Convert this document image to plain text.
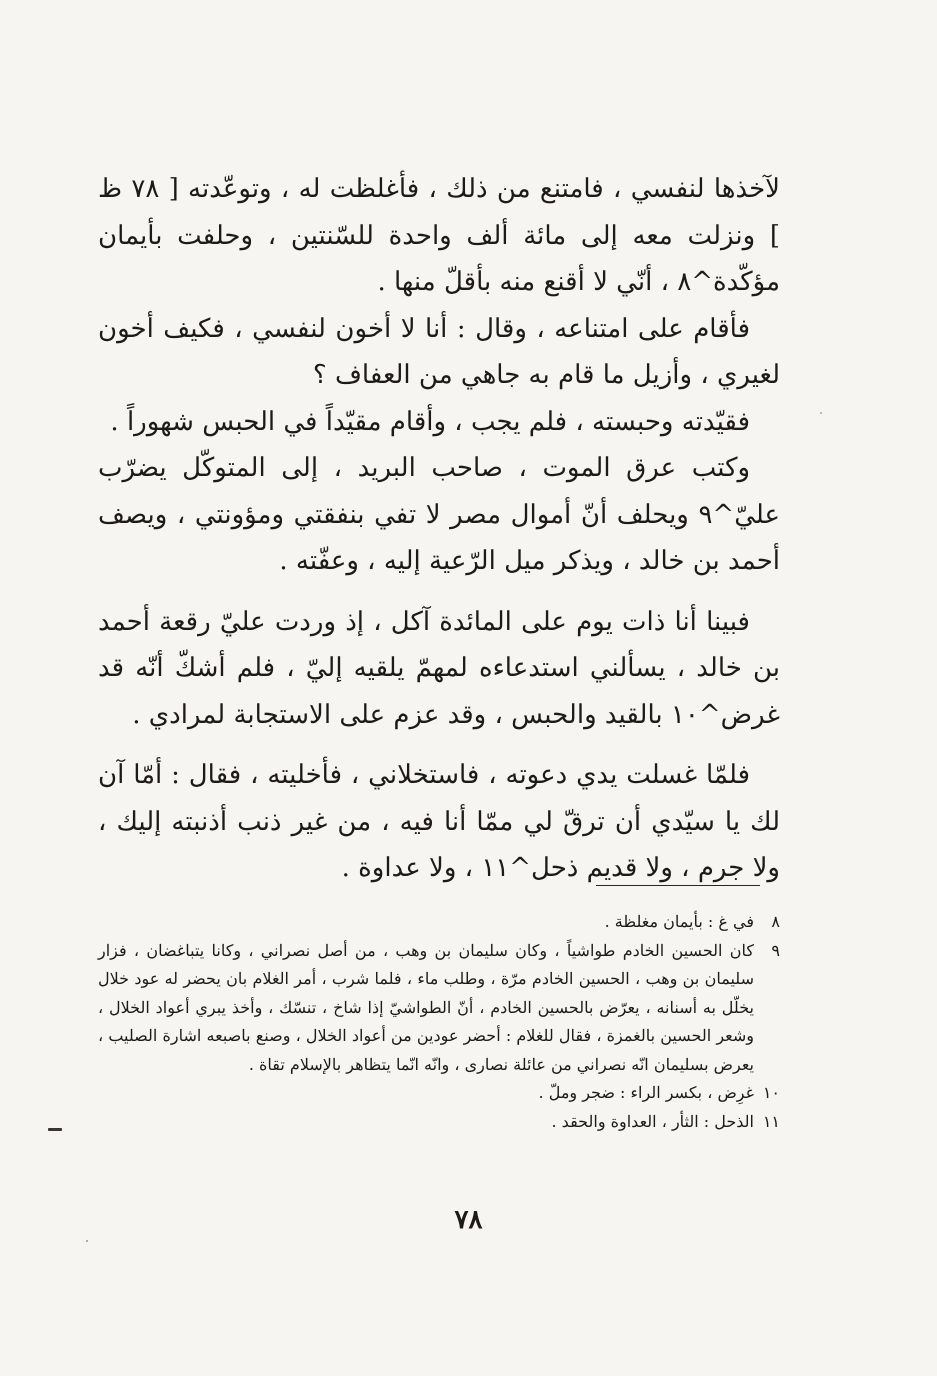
لآخذها لنفسي ، فامتنع من ذلك ، فأغلظت له ، وتوعّدته [ ٧٨ ظ ] ونزلت معه إلى مائة ألف واحدة للسّنتين ، وحلفت بأيمان مؤكّدة^٨ ، أنّي لا أقنع منه بأقلّ منها .

فأقام على امتناعه ، وقال : أنا لا أخون لنفسي ، فكيف أخون لغيري ، وأزيل ما قام به جاهي من العفاف ؟

فقيّدته وحبسته ، فلم يجب ، وأقام مقيّداً في الحبس شهوراً .

وكتب عرق الموت ، صاحب البريد ، إلى المتوكّل يضرّب عليّ^٩ ويحلف أنّ أموال مصر لا تفي بنفقتي ومؤونتي ، ويصف أحمد بن خالد ، ويذكر ميل الرّعية إليه ، وعفّته .

فبينا أنا ذات يوم على المائدة آكل ، إذ وردت عليّ رقعة أحمد بن خالد ، يسألني استدعاءه لمهمّ يلقيه إليّ ، فلم أشكّ أنّه قد غرض^١٠ بالقيد والحبس ، وقد عزم على الاستجابة لمرادي .

فلمّا غسلت يدي دعوته ، فاستخلاني ، فأخليته ، فقال : أمّا آن لك يا سيّدي أن ترقّ لي ممّا أنا فيه ، من غير ذنب أذنبته إليك ، ولا جرم ، ولا قديم ذحل^١١ ، ولا عداوة .

٨
في غ : بأيمان مغلظة .

٩
كان الحسين الخادم طواشياً ، وكان سليمان بن وهب ، من أصل نصراني ، وكانا يتباغضان ، فزار سليمان بن وهب ، الحسين الخادم مرّة ، وطلب ماء ، فلما شرب ، أمر الغلام بان يحضر له عود خلال يخلّل به أسنانه ، يعرّض بالحسين الخادم ، أنّ الطواشيّ إذا شاخ ، تنسّك ، وأخذ يبري أعواد الخلال ، وشعر الحسين بالغمزة ، فقال للغلام : أحضر عودين من أعواد الخلال ، وصنع باصبعه اشارة الصليب ، يعرض بسليمان انّه نصراني من عائلة نصارى ، وانّه انّما يتظاهر بالإسلام تقاة .

١٠
غرِض ، بكسر الراء : ضجر وملّ .

١١
الذحل : الثأر ، العداوة والحقد .

٧٨
